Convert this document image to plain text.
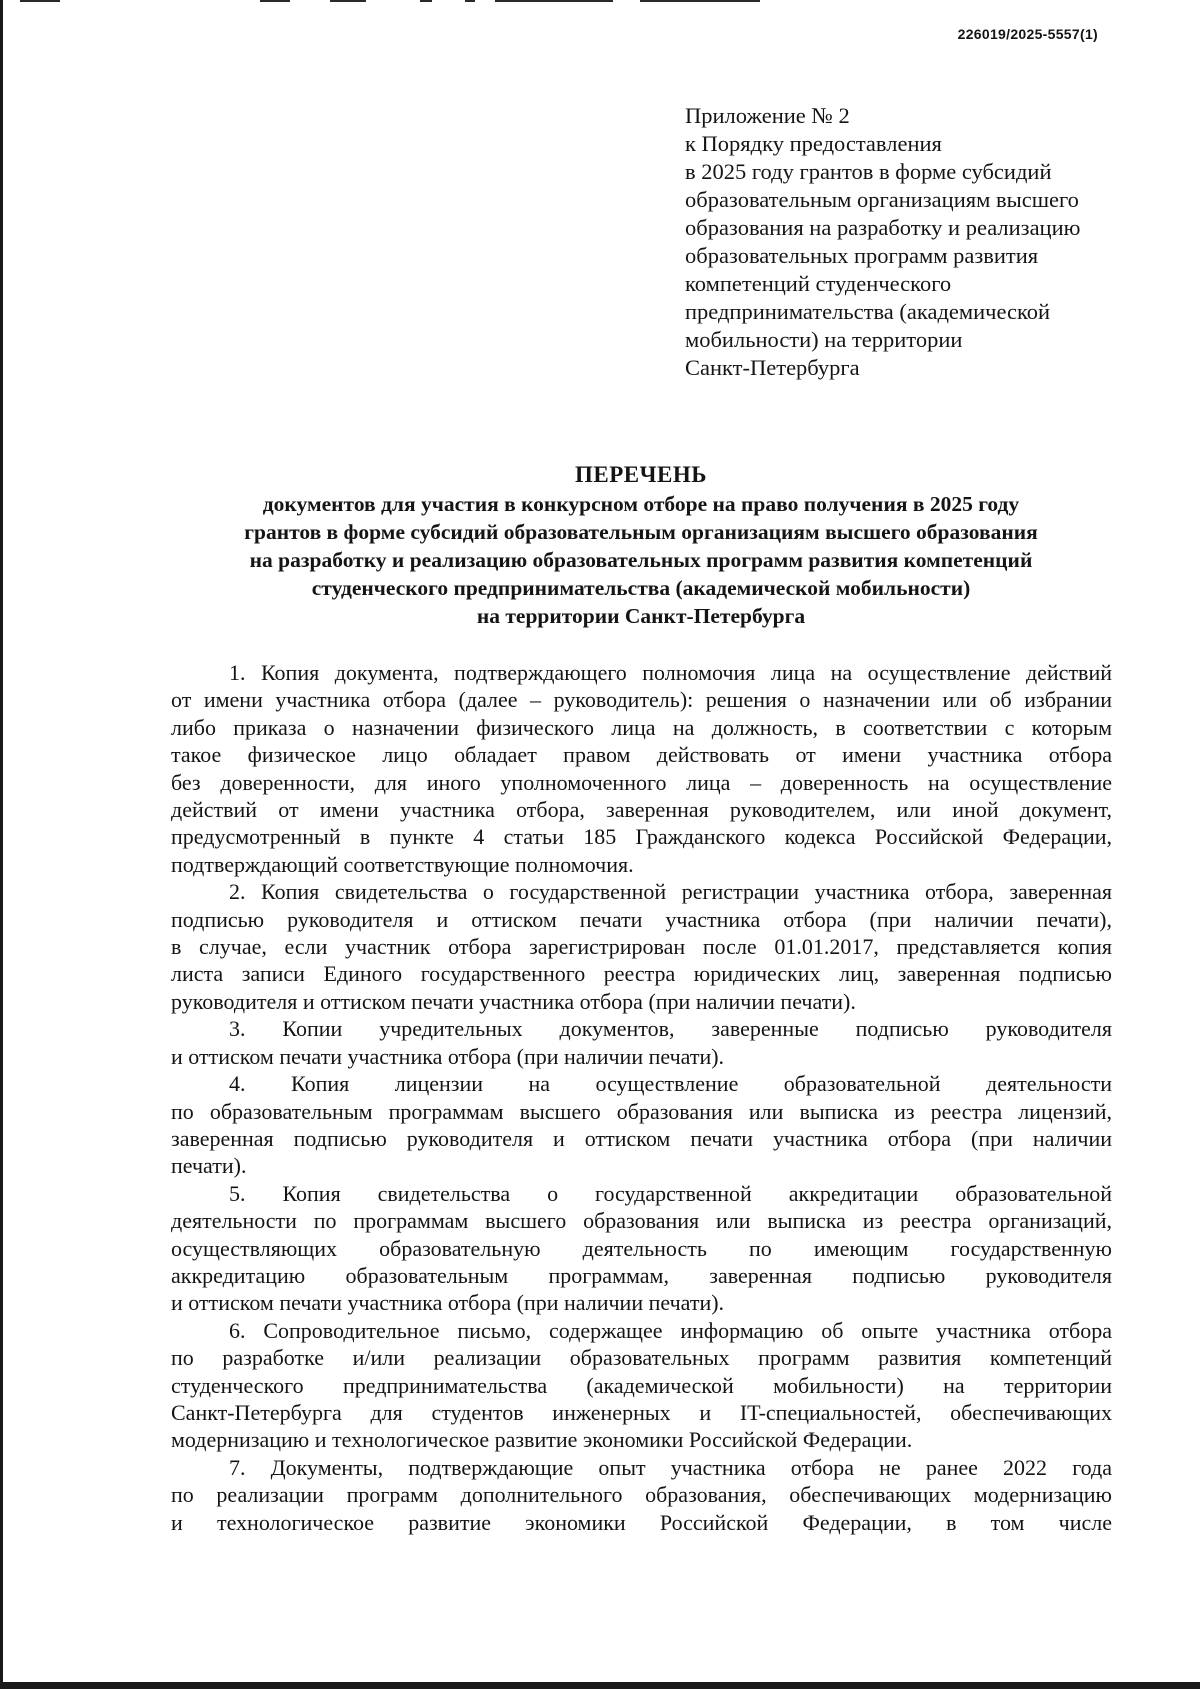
226019/2025-5557(1)
Приложение № 2
к Порядку предоставления
в 2025 году грантов в форме субсидий
образовательным организациям высшего
образования на разработку и реализацию
образовательных программ развития
компетенций студенческого
предпринимательства (академической
мобильности) на территории
Санкт-Петербурга
ПЕРЕЧЕНЬ
документов для участия в конкурсном отборе на право получения в 2025 году
грантов в форме субсидий образовательным организациям высшего образования
на разработку и реализацию образовательных программ развития компетенций
студенческого предпринимательства (академической мобильности)
на территории Санкт-Петербурга
1. Копия документа, подтверждающего полномочия лица на осуществление действий
от имени участника отбора (далее – руководитель): решения о назначении или об избрании
либо приказа о назначении физического лица на должность, в соответствии с которым
такое физическое лицо обладает правом действовать от имени участника отбора
без доверенности, для иного уполномоченного лица – доверенность на осуществление
действий от имени участника отбора, заверенная руководителем, или иной документ,
предусмотренный в пункте 4 статьи 185 Гражданского кодекса Российской Федерации,
подтверждающий соответствующие полномочия.
2. Копия свидетельства о государственной регистрации участника отбора, заверенная
подписью руководителя и оттиском печати участника отбора (при наличии печати),
в случае, если участник отбора зарегистрирован после 01.01.2017, представляется копия
листа записи Единого государственного реестра юридических лиц, заверенная подписью
руководителя и оттиском печати участника отбора (при наличии печати).
3. Копии учредительных документов, заверенные подписью руководителя
и оттиском печати участника отбора (при наличии печати).
4. Копия лицензии на осуществление образовательной деятельности
по образовательным программам высшего образования или выписка из реестра лицензий,
заверенная подписью руководителя и оттиском печати участника отбора (при наличии
печати).
5. Копия свидетельства о государственной аккредитации образовательной
деятельности по программам высшего образования или выписка из реестра организаций,
осуществляющих образовательную деятельность по имеющим государственную
аккредитацию образовательным программам, заверенная подписью руководителя
и оттиском печати участника отбора (при наличии печати).
6. Сопроводительное письмо, содержащее информацию об опыте участника отбора
по разработке и/или реализации образовательных программ развития компетенций
студенческого предпринимательства (академической мобильности) на территории
Санкт-Петербурга для студентов инженерных и IT-специальностей, обеспечивающих
модернизацию и технологическое развитие экономики Российской Федерации.
7. Документы, подтверждающие опыт участника отбора не ранее 2022 года
по реализации программ дополнительного образования, обеспечивающих модернизацию
и технологическое развитие экономики Российской Федерации, в том числе
